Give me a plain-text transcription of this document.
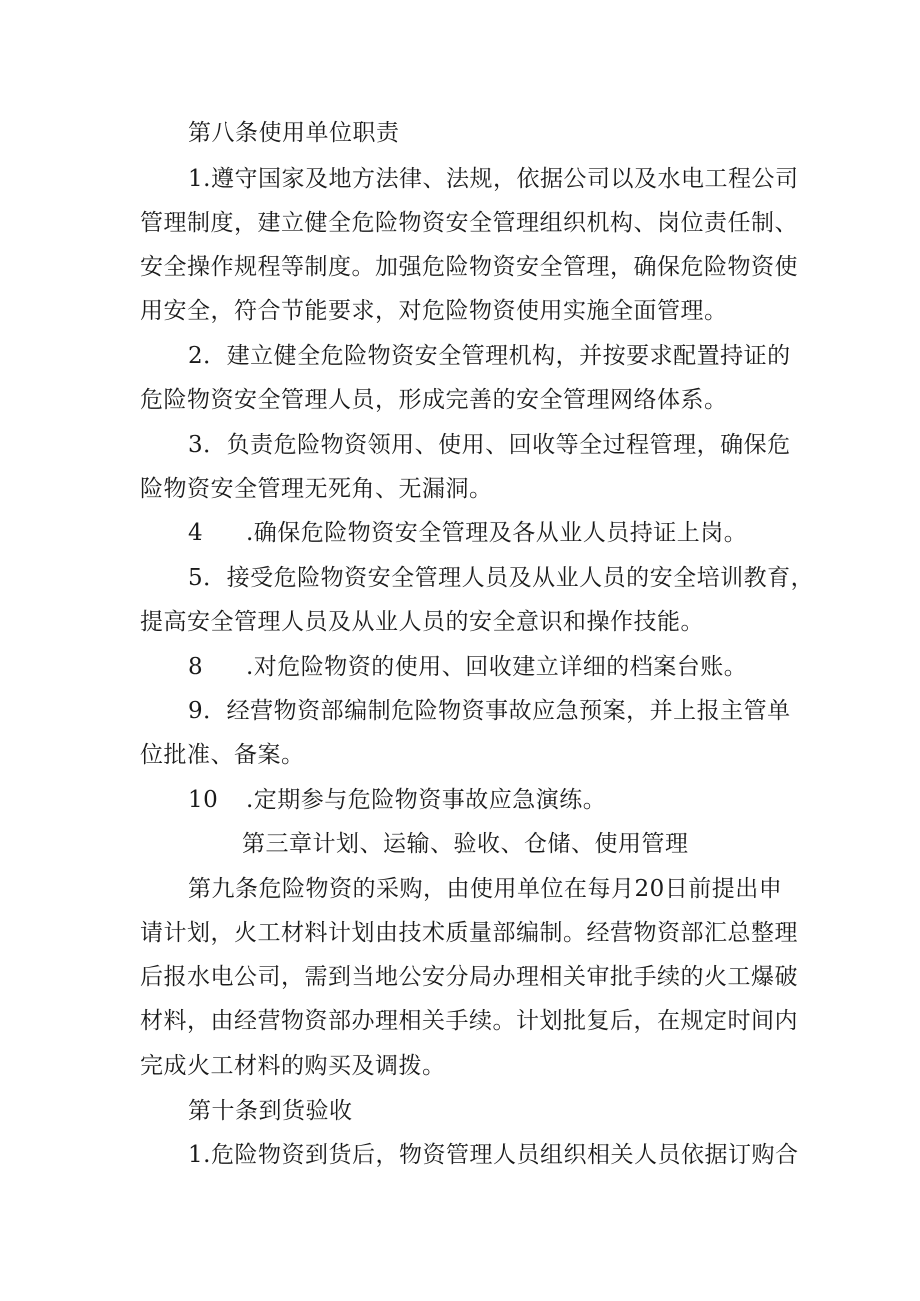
第八条使用单位职责
1.遵守国家及地方法律、法规，依据公司以及水电工程公司
管理制度，建立健全危险物资安全管理组织机构、岗位责任制、
安全操作规程等制度。加强危险物资安全管理，确保危险物资使
用安全，符合节能要求，对危险物资使用实施全面管理。
2．建立健全危险物资安全管理机构，并按要求配置持证的
危险物资安全管理人员，形成完善的安全管理网络体系。
3．负责危险物资领用、使用、回收等全过程管理，确保危
险物资安全管理无死角、无漏洞。
4 .确保危险物资安全管理及各从业人员持证上岗。
5．接受危险物资安全管理人员及从业人员的安全培训教育，
提高安全管理人员及从业人员的安全意识和操作技能。
8 .对危险物资的使用、回收建立详细的档案台账。
9．经营物资部编制危险物资事故应急预案，并上报主管单
位批准、备案。
10 .定期参与危险物资事故应急演练。
第三章计划、运输、验收、仓储、使用管理
第九条危险物资的采购，由使用单位在每月20日前提出申
请计划，火工材料计划由技术质量部编制。经营物资部汇总整理
后报水电公司，需到当地公安分局办理相关审批手续的火工爆破
材料，由经营物资部办理相关手续。计划批复后，在规定时间内
完成火工材料的购买及调拨。
第十条到货验收
1.危险物资到货后，物资管理人员组织相关人员依据订购合
